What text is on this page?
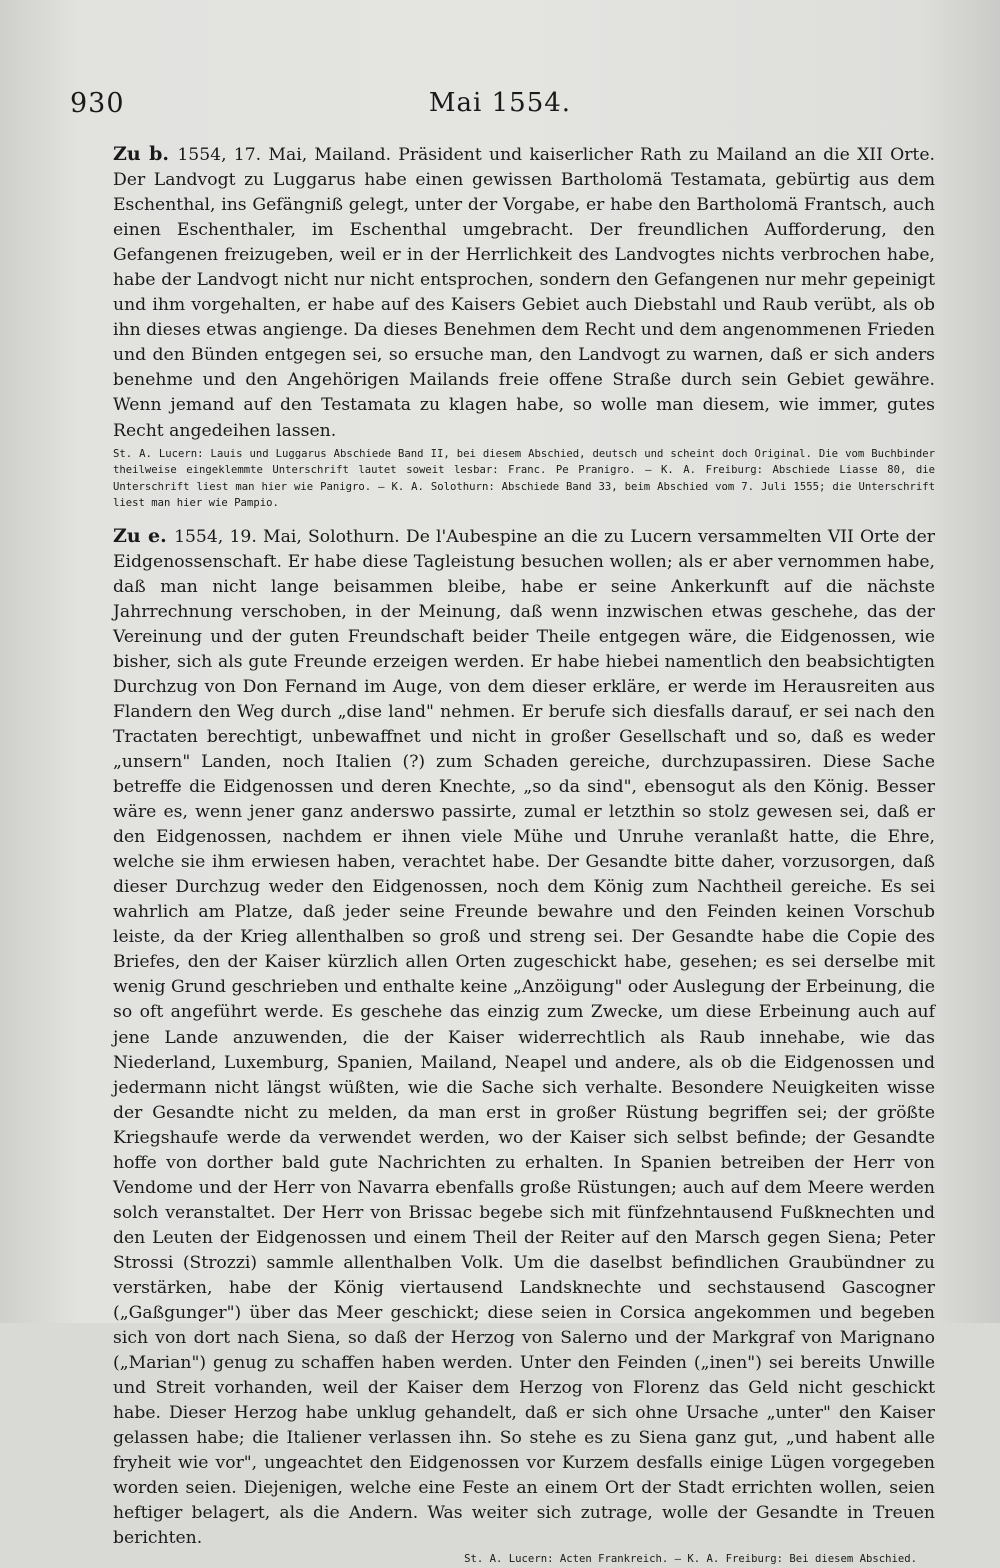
930	Mai 1554.

Zu b. 1554, 17. Mai, Mailand. Präsident und kaiserlicher Rath zu Mailand an die XII Orte. Der Landvogt zu Luggarus habe einen gewissen Bartholomä Testamata, gebürtig aus dem Eschenthal, ins Gefängniß gelegt, unter der Vorgabe, er habe den Bartholomä Frantsch, auch einen Eschenthaler, im Eschenthal umgebracht. Der freundlichen Aufforderung, den Gefangenen freizugeben, weil er in der Herrlichkeit des Landvogtes nichts verbrochen habe, habe der Landvogt nicht nur nicht entsprochen, sondern den Gefangenen nur mehr gepeinigt und ihm vorgehalten, er habe auf des Kaisers Gebiet auch Diebstahl und Raub verübt, als ob ihn dieses etwas angienge. Da dieses Benehmen dem Recht und dem angenommenen Frieden und den Bünden entgegen sei, so ersuche man, den Landvogt zu warnen, daß er sich anders benehme und den Angehörigen Mailands freie offene Straße durch sein Gebiet gewähre. Wenn jemand auf den Testamata zu klagen habe, so wolle man diesem, wie immer, gutes Recht angedeihen lassen.

St. A. Lucern: Lauis und Luggarus Abschiede Band II, bei diesem Abschied, deutsch und scheint doch Original. Die vom Buchbinder theilweise eingeklemmte Unterschrift lautet soweit lesbar: Franc. Pe Pranigro. — K. A. Freiburg: Abschiede Liasse 80, die Unterschrift liest man hier wie Panigro. — K. A. Solothurn: Abschiede Band 33, beim Abschied vom 7. Juli 1555; die Unterschrift liest man hier wie Pampio.

Zu e. 1554, 19. Mai, Solothurn. De l'Aubespine an die zu Lucern versammelten VII Orte der Eidgenossenschaft. Er habe diese Tagleistung besuchen wollen; als er aber vernommen habe, daß man nicht lange beisammen bleibe, habe er seine Ankerkunft auf die nächste Jahrrechnung verschoben, in der Meinung, daß wenn inzwischen etwas geschehe, das der Vereinung und der guten Freundschaft beider Theile entgegen wäre, die Eidgenossen, wie bisher, sich als gute Freunde erzeigen werden. Er habe hiebei namentlich den beabsichtigten Durchzug von Don Fernand im Auge, von dem dieser erkläre, er werde im Herausreiten aus Flandern den Weg durch „dise land" nehmen. Er berufe sich diesfalls darauf, er sei nach den Tractaten berechtigt, unbewaffnet und nicht in großer Gesellschaft und so, daß es weder „unsern" Landen, noch Italien (?) zum Schaden gereiche, durchzupassiren. Diese Sache betreffe die Eidgenossen und deren Knechte, „so da sind", ebensogut als den König. Besser wäre es, wenn jener ganz anderswo passirte, zumal er letzthin so stolz gewesen sei, daß er den Eidgenossen, nachdem er ihnen viele Mühe und Unruhe veranlaßt hatte, die Ehre, welche sie ihm erwiesen haben, verachtet habe. Der Gesandte bitte daher, vorzusorgen, daß dieser Durchzug weder den Eidgenossen, noch dem König zum Nachtheil gereiche. Es sei wahrlich am Platze, daß jeder seine Freunde bewahre und den Feinden keinen Vorschub leiste, da der Krieg allenthalben so groß und streng sei. Der Gesandte habe die Copie des Briefes, den der Kaiser kürzlich allen Orten zugeschickt habe, gesehen; es sei derselbe mit wenig Grund geschrieben und enthalte keine „Anzöigung" oder Auslegung der Erbeinung, die so oft angeführt werde. Es geschehe das einzig zum Zwecke, um diese Erbeinung auch auf jene Lande anzuwenden, die der Kaiser widerrechtlich als Raub innehabe, wie das Niederland, Luxemburg, Spanien, Mailand, Neapel und andere, als ob die Eidgenossen und jedermann nicht längst wüßten, wie die Sache sich verhalte. Besondere Neuigkeiten wisse der Gesandte nicht zu melden, da man erst in großer Rüstung begriffen sei; der größte Kriegshaufe werde da verwendet werden, wo der Kaiser sich selbst befinde; der Gesandte hoffe von dorther bald gute Nachrichten zu erhalten. In Spanien betreiben der Herr von Vendome und der Herr von Navarra ebenfalls große Rüstungen; auch auf dem Meere werden solch veranstaltet. Der Herr von Brissac begebe sich mit fünfzehntausend Fußknechten und den Leuten der Eidgenossen und einem Theil der Reiter auf den Marsch gegen Siena; Peter Strossi (Strozzi) sammle allenthalben Volk. Um die daselbst befindlichen Graubündner zu verstärken, habe der König viertausend Landsknechte und sechstausend Gascogner („Gaßgunger") über das Meer geschickt; diese seien in Corsica angekommen und begeben sich von dort nach Siena, so daß der Herzog von Salerno und der Markgraf von Marignano („Marian") genug zu schaffen haben werden. Unter den Feinden („inen") sei bereits Unwille und Streit vorhanden, weil der Kaiser dem Herzog von Florenz das Geld nicht geschickt habe. Dieser Herzog habe unklug gehandelt, daß er sich ohne Ursache „unter" den Kaiser gelassen habe; die Italiener verlassen ihn. So stehe es zu Siena ganz gut, „und habent alle fryheit wie vor", ungeachtet den Eidgenossen vor Kurzem desfalls einige Lügen vorgegeben worden seien. Diejenigen, welche eine Feste an einem Ort der Stadt errichten wollen, seien heftiger belagert, als die Andern. Was weiter sich zutrage, wolle der Gesandte in Treuen berichten.

St. A. Lucern: Acten Frankreich. — K. A. Freiburg: Bei diesem Abschied.
